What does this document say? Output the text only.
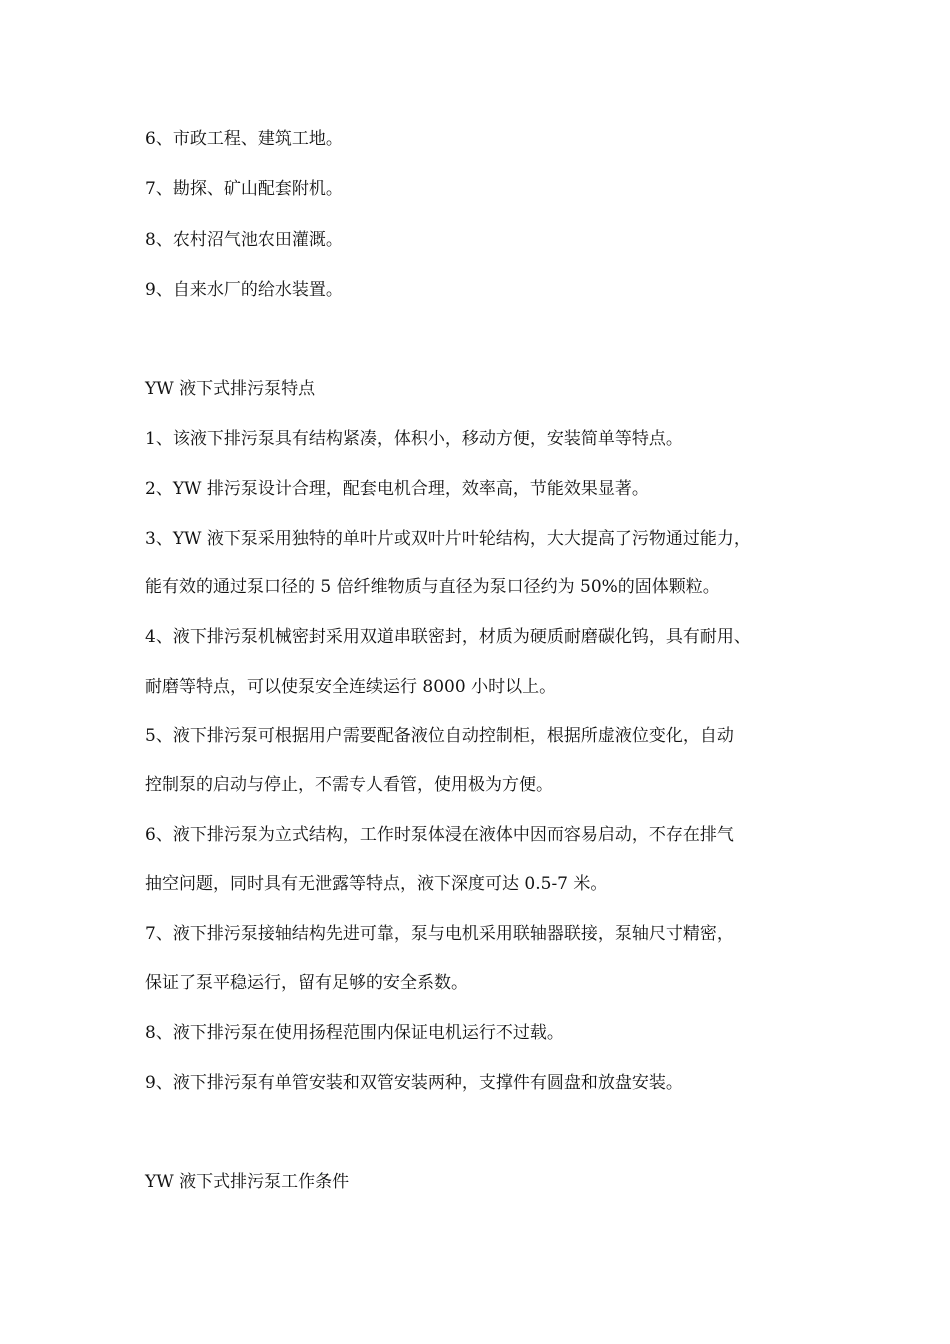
6、市政工程、建筑工地。
7、勘探、矿山配套附机。
8、农村沼气池农田灌溉。
9、自来水厂的给水装置。
YW 液下式排污泵特点
1、该液下排污泵具有结构紧凑，体积小，移动方便，安装简单等特点。
2、YW 排污泵设计合理，配套电机合理，效率高，节能效果显著。
3、YW 液下泵采用独特的单叶片或双叶片叶轮结构，大大提高了污物通过能力，
能有效的通过泵口径的 5 倍纤维物质与直径为泵口径约为 50%的固体颗粒。
4、液下排污泵机械密封采用双道串联密封，材质为硬质耐磨碳化钨，具有耐用、
耐磨等特点，可以使泵安全连续运行 8000 小时以上。
5、液下排污泵可根据用户需要配备液位自动控制柜，根据所虚液位变化，自动
控制泵的启动与停止，不需专人看管，使用极为方便。
6、液下排污泵为立式结构，工作时泵体浸在液体中因而容易启动，不存在排气
抽空问题，同时具有无泄露等特点，液下深度可达 0.5-7 米。
7、液下排污泵接轴结构先进可靠，泵与电机采用联轴器联接，泵轴尺寸精密，
保证了泵平稳运行，留有足够的安全系数。
8、液下排污泵在使用扬程范围内保证电机运行不过载。
9、液下排污泵有单管安装和双管安装两种，支撑件有圆盘和放盘安装。
YW 液下式排污泵工作条件
